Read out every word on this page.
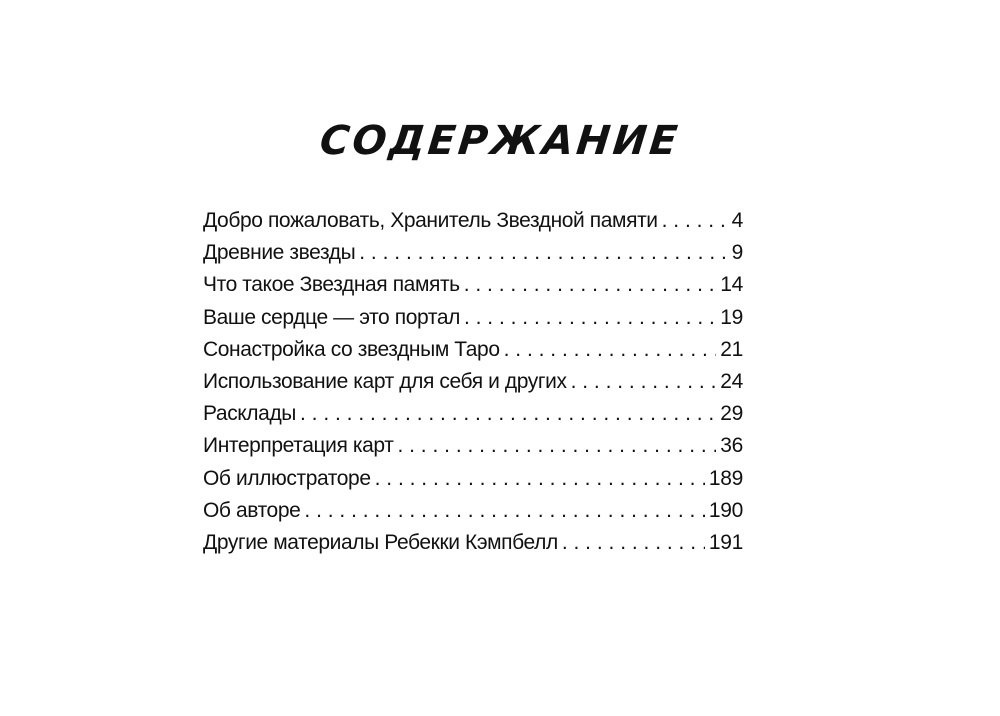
СОДЕРЖАНИЕ
Добро пожаловать, Хранитель Звездной памяти . . .	4
Древние звезды . . .	9
Что такое Звездная память . . .	14
Ваше сердце — это портал . . .	19
Сонастройка со звездным Таро . . .	21
Использование карт для себя и других . . .	24
Расклады . . .	29
Интерпретация карт . . .	36
Об иллюстраторе . . .	189
Об авторе . . .	190
Другие материалы Ребекки Кэмпбелл . . .	191
